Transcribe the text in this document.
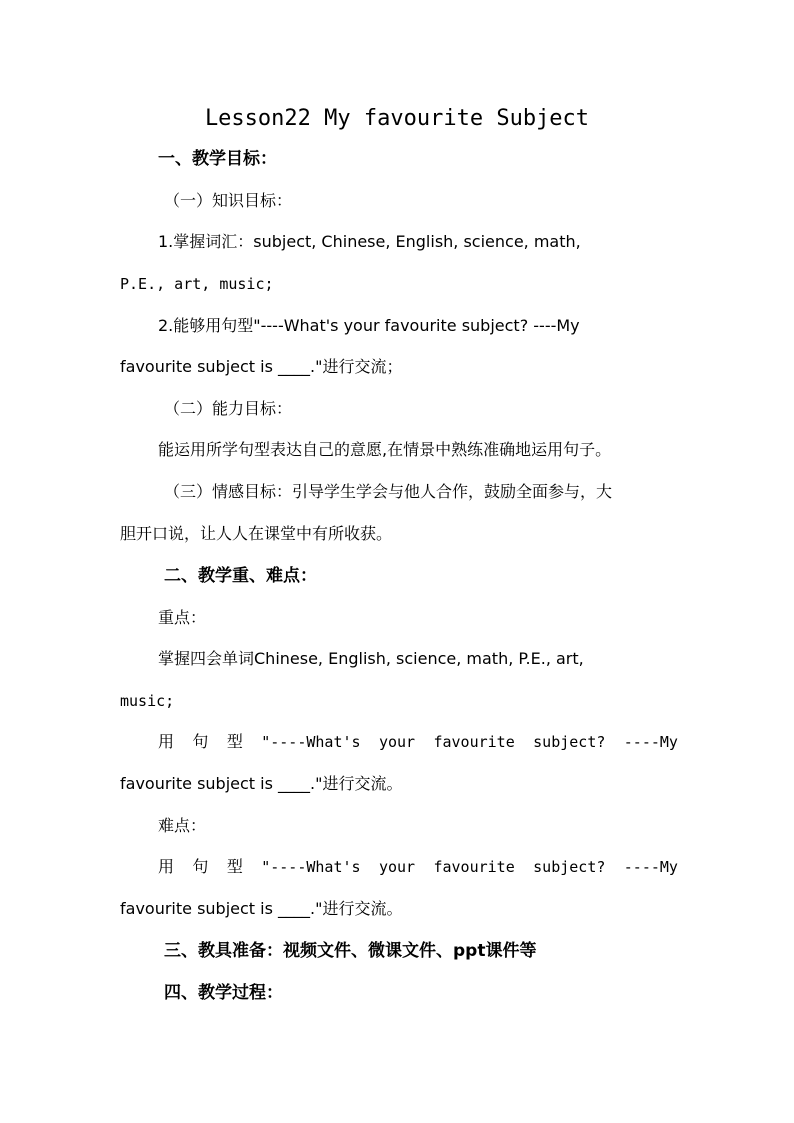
Lesson22 My favourite Subject
一、教学目标：
（一）知识目标：
1.掌握词汇：subject, Chinese, English, science, math,
P.E., art, music;
2.能够用句型"----What's your favourite subject? ----My
favourite subject is ____."进行交流；
（二）能力目标：
能运用所学句型表达自己的意愿,在情景中熟练准确地运用句子。
（三）情感目标：引导学生学会与他人合作，鼓励全面参与，大
胆开口说，让人人在课堂中有所收获。
二、教学重、难点：
重点：
掌握四会单词Chinese, English, science, math, P.E., art,
music;
用 句 型 "----What's your favourite subject? ----My
favourite subject is ____."进行交流。
难点：
用 句 型 "----What's your favourite subject? ----My
favourite subject is ____."进行交流。
三、教具准备：视频文件、微课文件、ppt课件等
四、教学过程：
